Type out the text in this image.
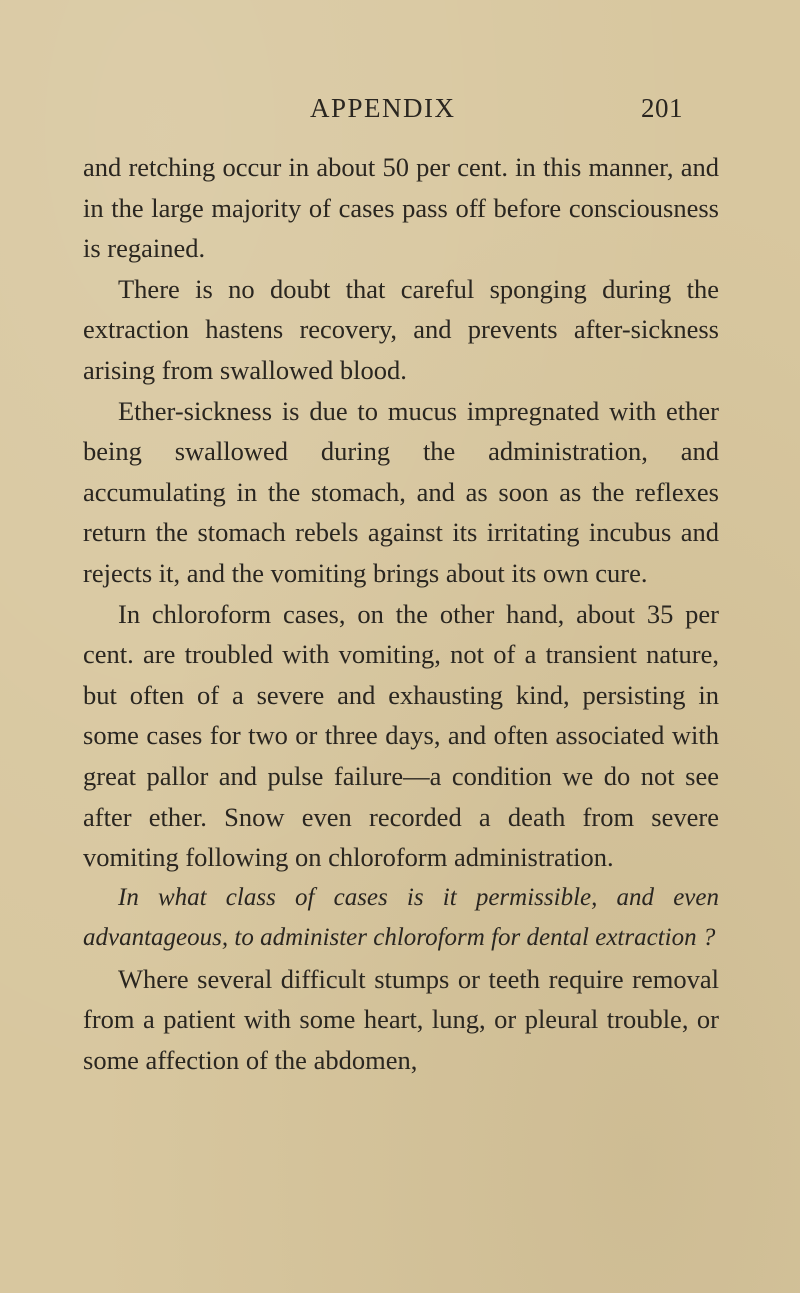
APPENDIX	201

and retching occur in about 50 per cent. in this manner, and in the large majority of cases pass off before consciousness is regained.

There is no doubt that careful sponging during the extraction hastens recovery, and prevents after-sickness arising from swallowed blood.

Ether-sickness is due to mucus impregnated with ether being swallowed during the administration, and accumulating in the stomach, and as soon as the reflexes return the stomach rebels against its irritating incubus and rejects it, and the vomiting brings about its own cure.

In chloroform cases, on the other hand, about 35 per cent. are troubled with vomiting, not of a transient nature, but often of a severe and exhausting kind, persisting in some cases for two or three days, and often associated with great pallor and pulse failure—a condition we do not see after ether. Snow even recorded a death from severe vomiting following on chloroform administration.

In what class of cases is it permissible, and even advantageous, to administer chloroform for dental extraction ?

Where several difficult stumps or teeth require removal from a patient with some heart, lung, or pleural trouble, or some affection of the abdomen,
